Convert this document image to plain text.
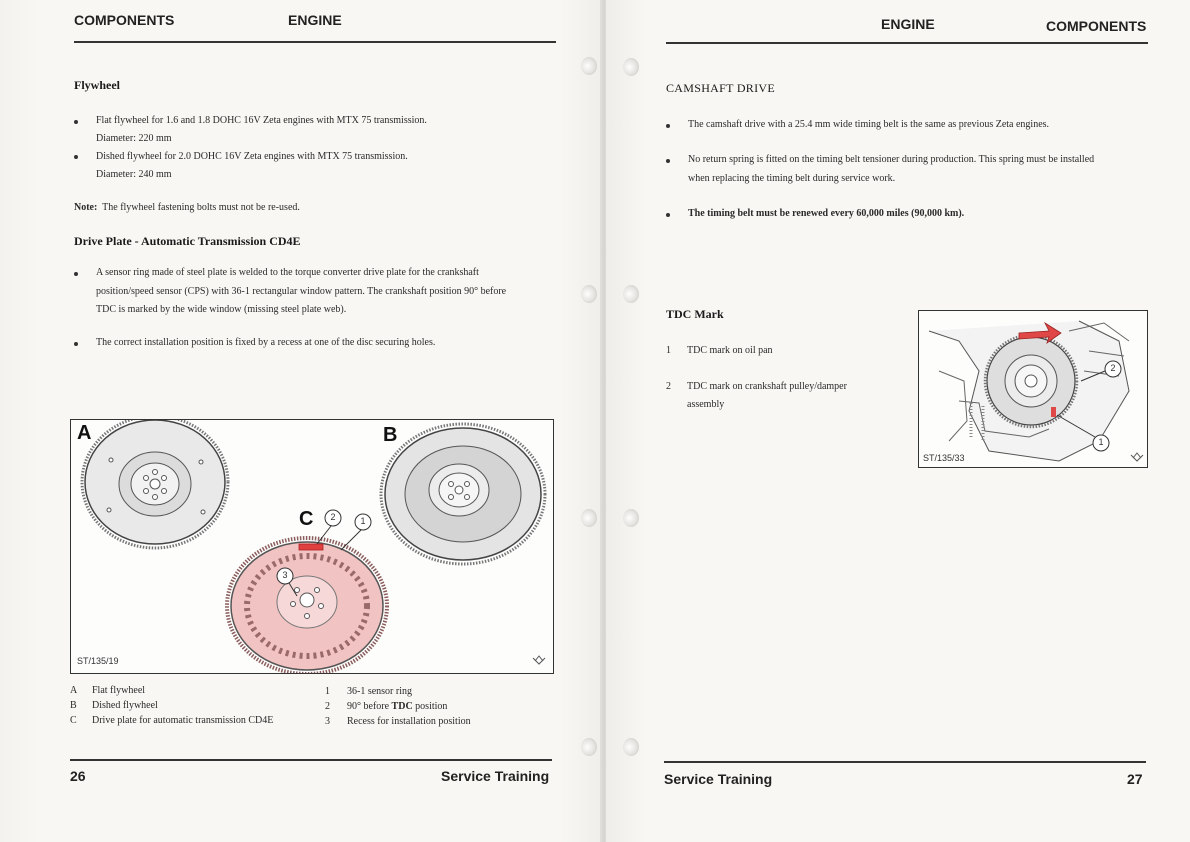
COMPONENTS	ENGINE
Flywheel
Flat flywheel for 1.6 and 1.8 DOHC 16V Zeta engines with MTX 75 transmission.
Diameter: 220 mm
Dished flywheel for 2.0 DOHC 16V Zeta engines with MTX 75 transmission.
Diameter: 240 mm
Note: The flywheel fastening bolts must not be re-used.
Drive Plate - Automatic Transmission CD4E
A sensor ring made of steel plate is welded to the torque converter drive plate for the crankshaft
position/speed sensor (CPS) with 36-1 rectangular window pattern. The crankshaft position 90° before
TDC is marked by the wide window (missing steel plate web).
The correct installation position is fixed by a recess at one of the disc securing holes.
A	B
C 2	1
3
ST/135/19
A Flat flywheel
B Dished flywheel
C Drive plate for automatic transmission CD4E
1 36-1 sensor ring
2 90° before TDC position
3 Recess for installation position
26	Service Training
ENGINE	COMPONENTS
CAMSHAFT DRIVE
The camshaft drive with a 25.4 mm wide timing belt is the same as previous Zeta engines.
No return spring is fitted on the timing belt tensioner during production. This spring must be installed
when replacing the timing belt during service work.
The timing belt must be renewed every 60,000 miles (90,000 km).
TDC Mark
1 TDC mark on oil pan
2 TDC mark on crankshaft pulley/damper
assembly
2
1
ST/135/33
Service Training	27
